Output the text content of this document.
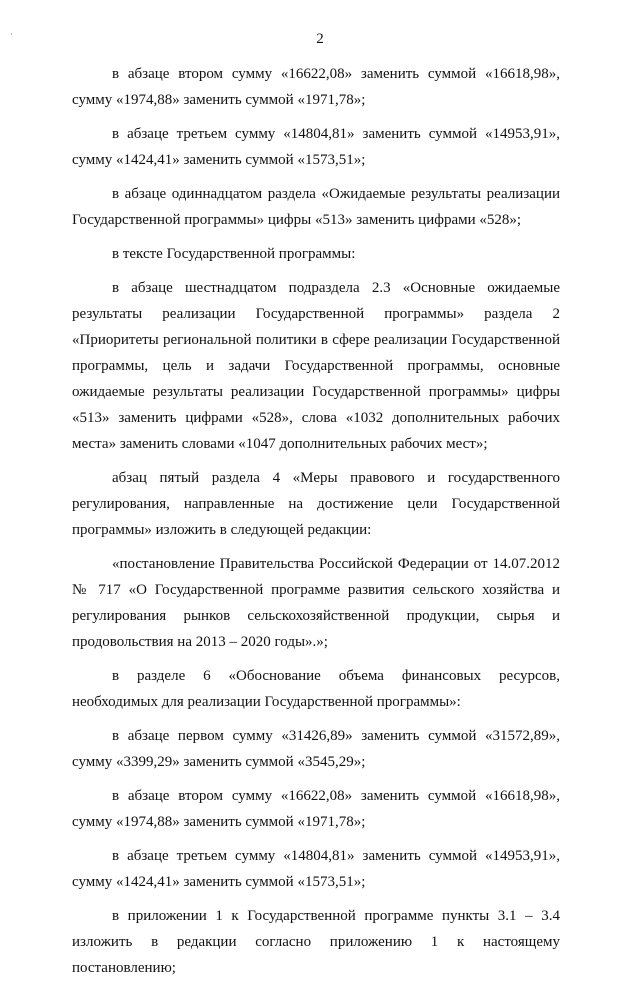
·	2

в абзаце втором сумму «16622,08» заменить суммой «16618,98», сумму «1974,88» заменить суммой «1971,78»;

в абзаце третьем сумму «14804,81» заменить суммой «14953,91», сумму «1424,41» заменить суммой «1573,51»;

в абзаце одиннадцатом раздела «Ожидаемые результаты реализации Государственной программы» цифры «513» заменить цифрами «528»;

в тексте Государственной программы:

в абзаце шестнадцатом подраздела 2.3 «Основные ожидаемые результаты реализации Государственной программы» раздела 2 «Приоритеты региональной политики в сфере реализации Государственной программы, цель и задачи Государственной программы, основные ожидаемые результаты реализации Государственной программы» цифры «513» заменить цифрами «528», слова «1032 дополнительных рабочих места» заменить словами «1047 дополнительных рабочих мест»;

абзац пятый раздела 4 «Меры правового и государственного регулирования, направленные на достижение цели Государственной программы» изложить в следующей редакции:

«постановление Правительства Российской Федерации от 14.07.2012 № 717 «О Государственной программе развития сельского хозяйства и регулирования рынков сельскохозяйственной продукции, сырья и продовольствия на 2013 – 2020 годы».»;

в разделе 6 «Обоснование объема финансовых ресурсов, необходимых для реализации Государственной программы»:

в абзаце первом сумму «31426,89» заменить суммой «31572,89», сумму «3399,29» заменить суммой «3545,29»;

в абзаце втором сумму «16622,08» заменить суммой «16618,98», сумму «1974,88» заменить суммой «1971,78»;

в абзаце третьем сумму «14804,81» заменить суммой «14953,91», сумму «1424,41» заменить суммой «1573,51»;

в приложении 1 к Государственной программе пункты 3.1 – 3.4 изложить в редакции согласно приложению 1 к настоящему постановлению;
